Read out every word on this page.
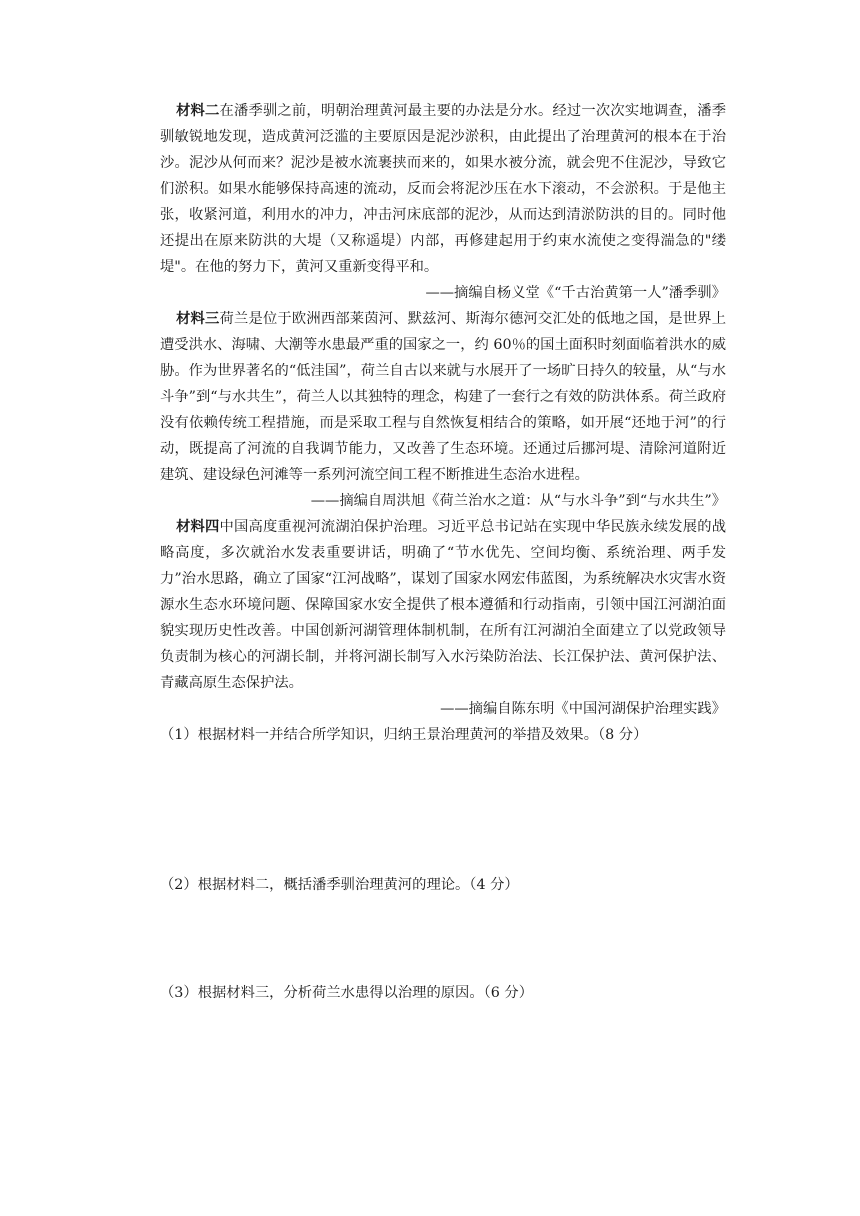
　 材料二在潘季驯之前，明朝治理黄河最主要的办法是分水。经过一次次实地调查，潘季驯敏锐地发现，造成黄河泛滥的主要原因是泥沙淤积，由此提出了治理黄河的根本在于治沙。泥沙从何而来？泥沙是被水流裹挟而来的，如果水被分流，就会兜不住泥沙，导致它们淤积。如果水能够保持高速的流动，反而会将泥沙压在水下滚动，不会淤积。于是他主张，收紧河道，利用水的冲力，冲击河床底部的泥沙，从而达到清淤防洪的目的。同时他还提出在原来防洪的大堤（又称遥堤）内部，再修建起用于约束水流使之变得湍急的"缕堤"。在他的努力下，黄河又重新变得平和。

——摘编自杨义堂《“千古治黄第一人”潘季驯》

　 材料三荷兰是位于欧洲西部莱茵河、默兹河、斯海尔德河交汇处的低地之国，是世界上遭受洪水、海啸、大潮等水患最严重的国家之一，约 60％的国土面积时刻面临着洪水的威胁。作为世界著名的“低洼国”，荷兰自古以来就与水展开了一场旷日持久的较量，从“与水斗争”到“与水共生”，荷兰人以其独特的理念，构建了一套行之有效的防洪体系。荷兰政府没有依赖传统工程措施，而是采取工程与自然恢复相结合的策略，如开展“还地于河”的行动，既提高了河流的自我调节能力，又改善了生态环境。还通过后挪河堤、清除河道附近建筑、建设绿色河滩等一系列河流空间工程不断推进生态治水进程。

——摘编自周洪旭《荷兰治水之道：从“与水斗争”到“与水共生”》

　 材料四中国高度重视河流湖泊保护治理。习近平总书记站在实现中华民族永续发展的战略高度，多次就治水发表重要讲话，明确了“节水优先、空间均衡、系统治理、两手发力”治水思路，确立了国家“江河战略”，谋划了国家水网宏伟蓝图，为系统解决水灾害水资源水生态水环境问题、保障国家水安全提供了根本遵循和行动指南，引领中国江河湖泊面貌实现历史性改善。中国创新河湖管理体制机制，在所有江河湖泊全面建立了以党政领导负责制为核心的河湖长制，并将河湖长制写入水污染防治法、长江保护法、黄河保护法、青藏高原生态保护法。

——摘编自陈东明《中国河湖保护治理实践》

（1）根据材料一并结合所学知识，归纳王景治理黄河的举措及效果。（8 分）

（2）根据材料二，概括潘季驯治理黄河的理论。（4 分）

（3）根据材料三，分析荷兰水患得以治理的原因。（6 分）
